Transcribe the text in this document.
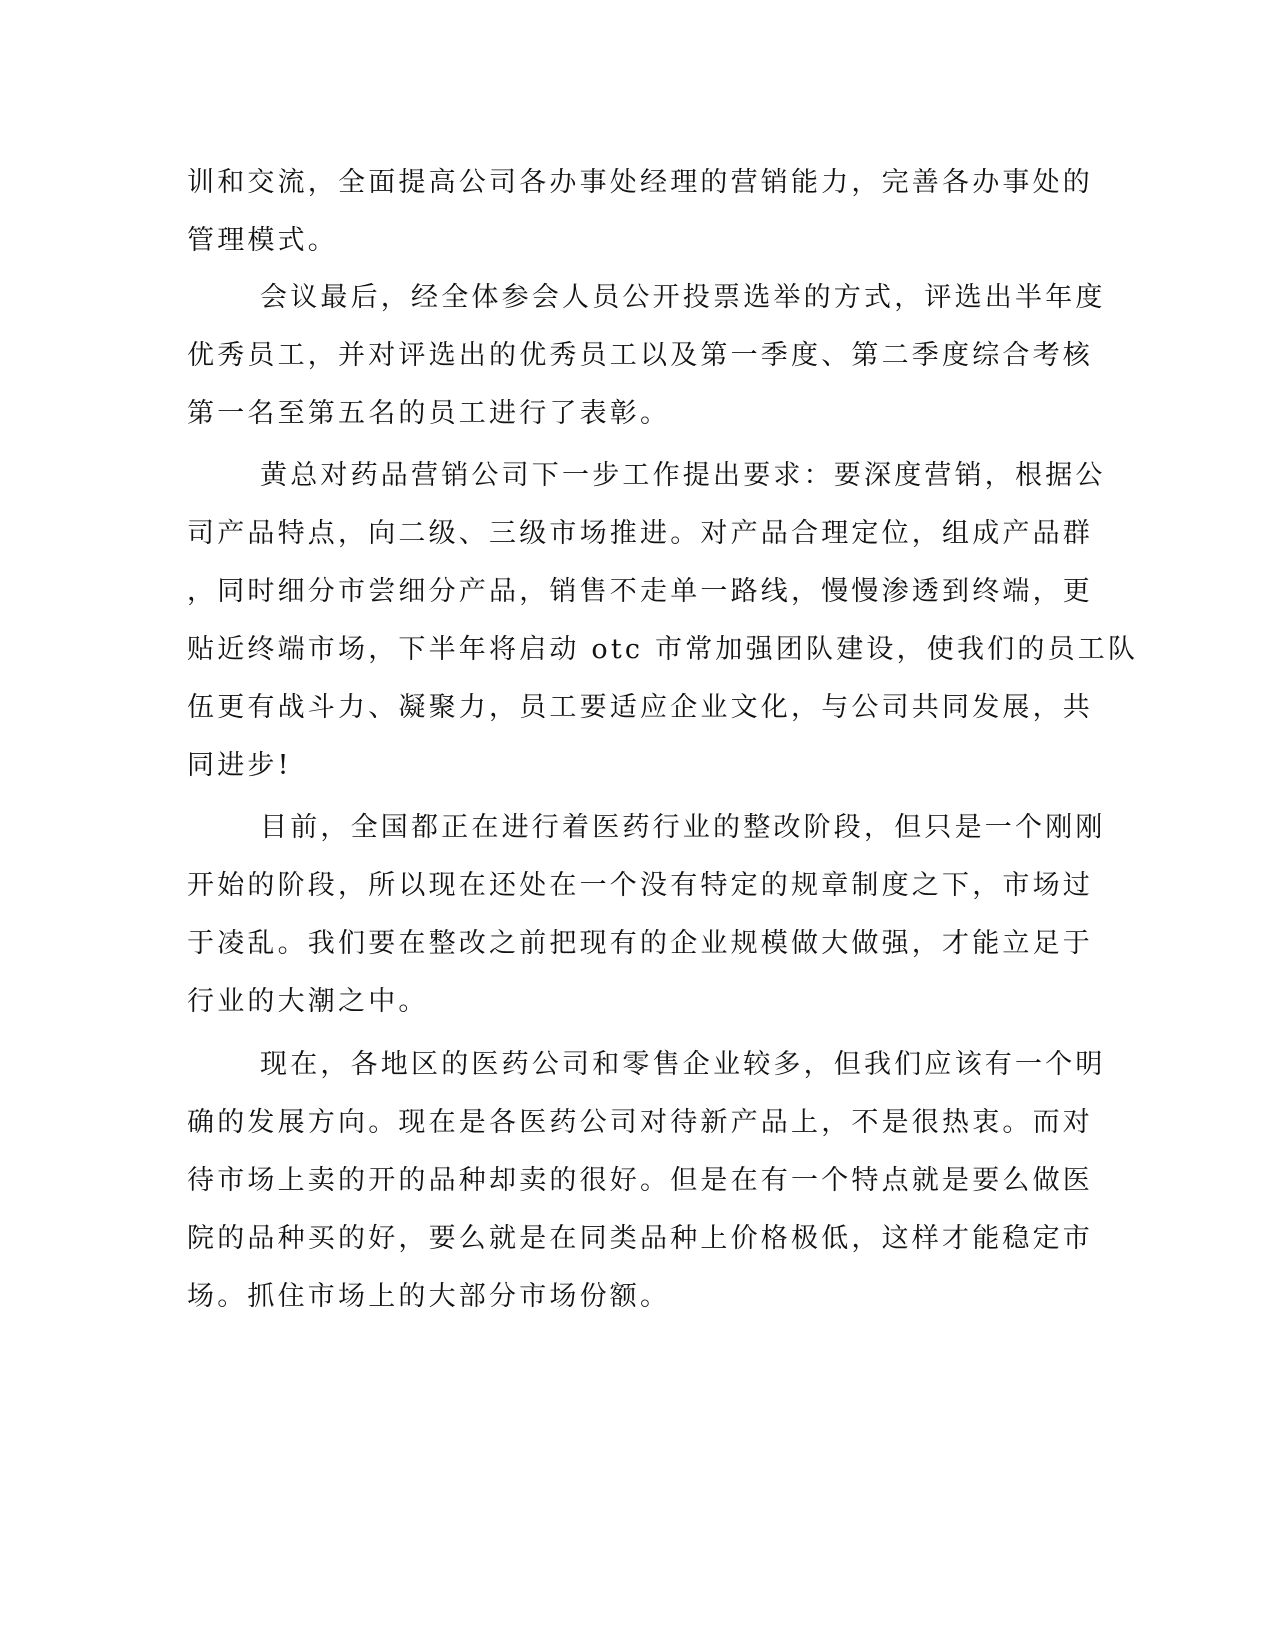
训和交流，全面提高公司各办事处经理的营销能力，完善各办事处的
管理模式。
会议最后，经全体参会人员公开投票选举的方式，评选出半年度
优秀员工，并对评选出的优秀员工以及第一季度、第二季度综合考核
第一名至第五名的员工进行了表彰。
黄总对药品营销公司下一步工作提出要求：要深度营销，根据公
司产品特点，向二级、三级市场推进。对产品合理定位，组成产品群
，同时细分市尝细分产品，销售不走单一路线，慢慢渗透到终端，更
贴近终端市场，下半年将启动 otc 市常加强团队建设，使我们的员工队
伍更有战斗力、凝聚力，员工要适应企业文化，与公司共同发展，共
同进步!
目前，全国都正在进行着医药行业的整改阶段，但只是一个刚刚
开始的阶段，所以现在还处在一个没有特定的规章制度之下，市场过
于凌乱。我们要在整改之前把现有的企业规模做大做强，才能立足于
行业的大潮之中。
现在，各地区的医药公司和零售企业较多，但我们应该有一个明
确的发展方向。现在是各医药公司对待新产品上，不是很热衷。而对
待市场上卖的开的品种却卖的很好。但是在有一个特点就是要么做医
院的品种买的好，要么就是在同类品种上价格极低，这样才能稳定市
场。抓住市场上的大部分市场份额。
